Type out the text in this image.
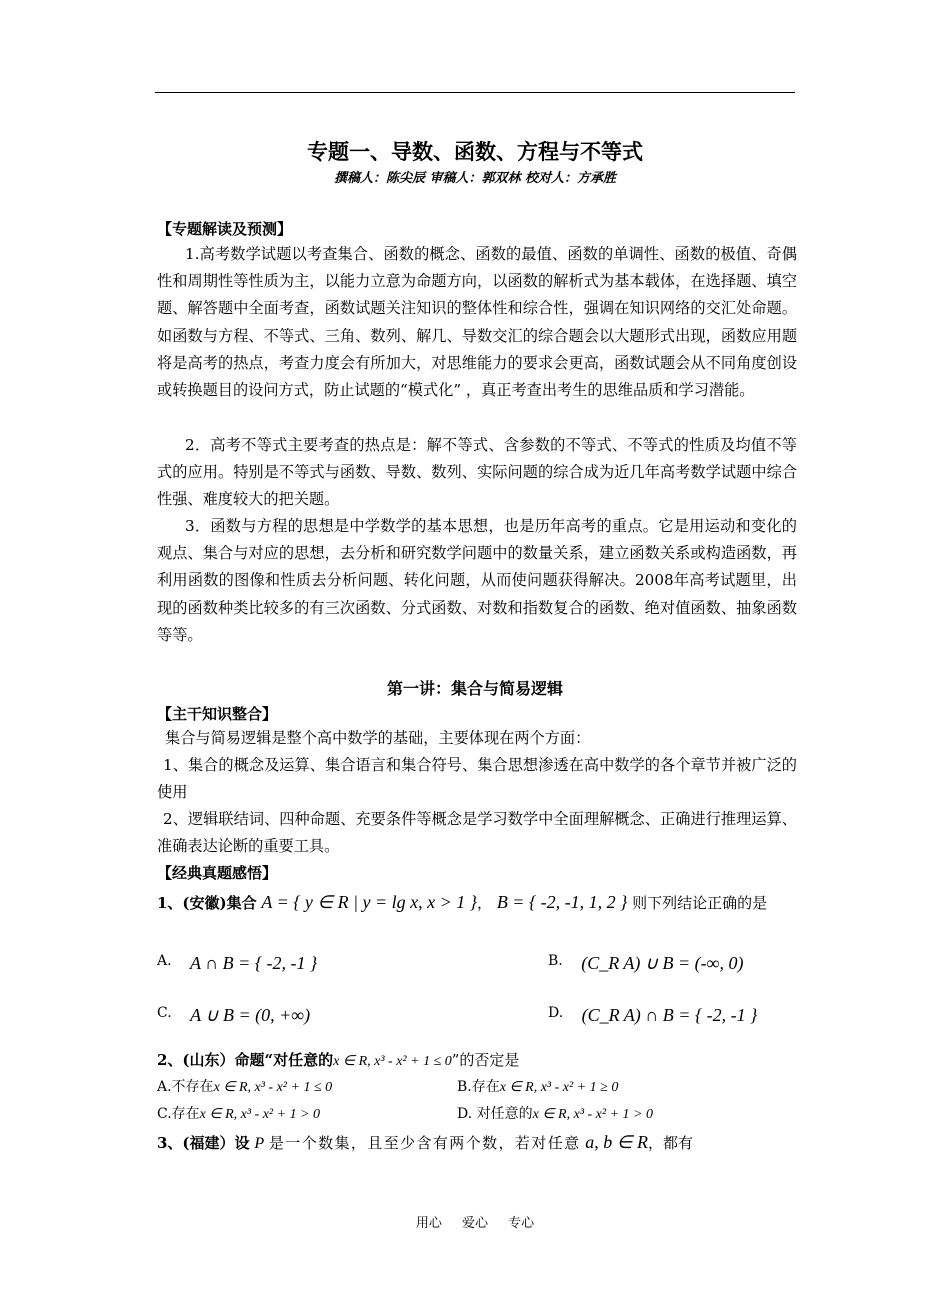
专题一、导数、函数、方程与不等式
撰稿人：陈尖辰 审稿人：郭双林 校对人：方承胜
【专题解读及预测】
1.高考数学试题以考查集合、函数的概念、函数的最值、函数的单调性、函数的极值、奇偶性和周期性等性质为主，以能力立意为命题方向，以函数的解析式为基本载体，在选择题、填空题、解答题中全面考查，函数试题关注知识的整体性和综合性，强调在知识网络的交汇处命题。如函数与方程、不等式、三角、数列、解几、导数交汇的综合题会以大题形式出现，函数应用题将是高考的热点，考查力度会有所加大，对思维能力的要求会更高，函数试题会从不同角度创设或转换题目的设问方式，防止试题的“模式化” ，真正考查出考生的思维品质和学习潜能。
2．高考不等式主要考查的热点是：解不等式、含参数的不等式、不等式的性质及均值不等式的应用。特别是不等式与函数、导数、数列、实际问题的综合成为近几年高考数学试题中综合性强、难度较大的把关题。
3．函数与方程的思想是中学数学的基本思想，也是历年高考的重点。它是用运动和变化的观点、集合与对应的思想，去分析和研究数学问题中的数量关系，建立函数关系或构造函数，再利用函数的图像和性质去分析问题、转化问题，从而使问题获得解决。2008年高考试题里，出现的函数种类比较多的有三次函数、分式函数、对数和指数复合的函数、绝对值函数、抽象函数等等。
第一讲：集合与简易逻辑
【主干知识整合】
集合与简易逻辑是整个高中数学的基础，主要体现在两个方面：
1、集合的概念及运算、集合语言和集合符号、集合思想渗透在高中数学的各个章节并被广泛的使用
2、逻辑联结词、四种命题、充要条件等概念是学习数学中全面理解概念、正确进行推理运算、准确表达论断的重要工具。
【经典真题感悟】
1、(安徽)集合 A = { y ∈ R | y = lg x, x > 1 }， B = { -2, -1, 1, 2 } 则下列结论正确的是
A. A ∩ B = { -2, -1 }	B. (C_R A) ∪ B = (-∞, 0)
C. A ∪ B = (0, +∞)	D. (C_R A) ∩ B = { -2, -1 }
2、(山东）命题“对任意的x ∈ R, x³ - x² + 1 ≤ 0”的否定是
A.不存在x ∈ R, x³ - x² + 1 ≤ 0	B.存在x ∈ R, x³ - x² + 1 ≥ 0
C.存在x ∈ R, x³ - x² + 1 > 0	D. 对任意的x ∈ R, x³ - x² + 1 > 0
3、(福建）设 P 是一个数集，且至少含有两个数，若对任意 a, b ∈ R，都有
用心 爱心 专心
